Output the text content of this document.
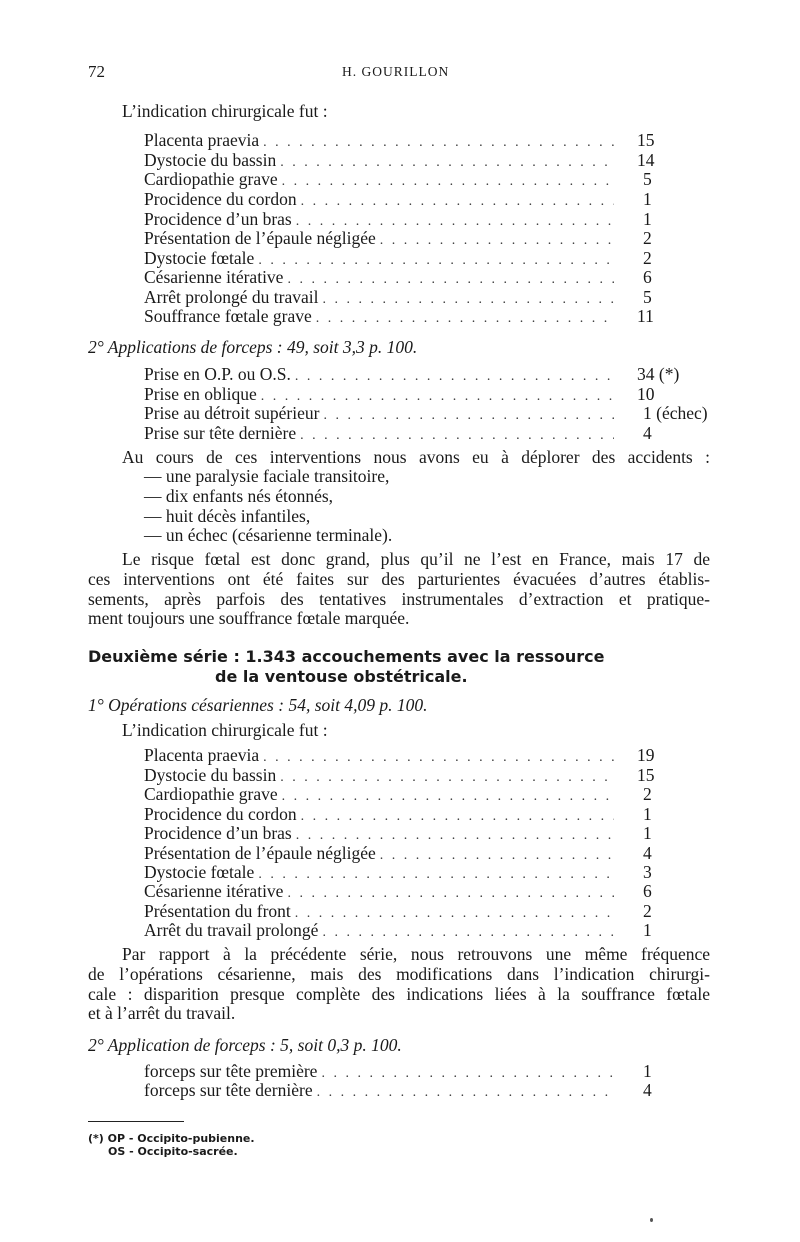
72	H. GOURILLON
L’indication chirurgicale fut :
Placenta praevia . . .	15
Dystocie du bassin . . .	14
Cardiopathie grave . . .	5
Procidence du cordon . . .	1
Procidence d’un bras . . .	1
Présentation de l’épaule négligée . . .	2
Dystocie fœtale . . .	2
Césarienne itérative . . .	6
Arrêt prolongé du travail . . .	5
Souffrance fœtale grave . . .	11
2° Applications de forceps : 49, soit 3,3 p. 100.
Prise en O.P. ou O.S. . . .	34 (*)
Prise en oblique . . .	10
Prise au détroit supérieur . . .	1 (échec)
Prise sur tête dernière . . .	4
Au cours de ces interventions nous avons eu à déplorer des accidents :
— une paralysie faciale transitoire,
— dix enfants nés étonnés,
— huit décès infantiles,
— un échec (césarienne terminale).
Le risque fœtal est donc grand, plus qu’il ne l’est en France, mais 17 de
ces interventions ont été faites sur des parturientes évacuées d’autres établis-
sements, après parfois des tentatives instrumentales d’extraction et pratique-
ment toujours une souffrance fœtale marquée.
Deuxième série : 1.343 accouchements avec la ressource
de la ventouse obstétricale.
1° Opérations césariennes : 54, soit 4,09 p. 100.
L’indication chirurgicale fut :
Placenta praevia . . .	19
Dystocie du bassin . . .	15
Cardiopathie grave . . .	2
Procidence du cordon . . .	1
Procidence d’un bras . . .	1
Présentation de l’épaule négligée . . .	4
Dystocie fœtale . . .	3
Césarienne itérative . . .	6
Présentation du front . . .	2
Arrêt du travail prolongé . . .	1
Par rapport à la précédente série, nous retrouvons une même fréquence
de l’opérations césarienne, mais des modifications dans l’indication chirurgi-
cale : disparition presque complète des indications liées à la souffrance fœtale
et à l’arrêt du travail.
2° Application de forceps : 5, soit 0,3 p. 100.
forceps sur tête première . . .	1
forceps sur tête dernière . . .	4
(*) OP - Occipito-pubienne.
OS - Occipito-sacrée.
